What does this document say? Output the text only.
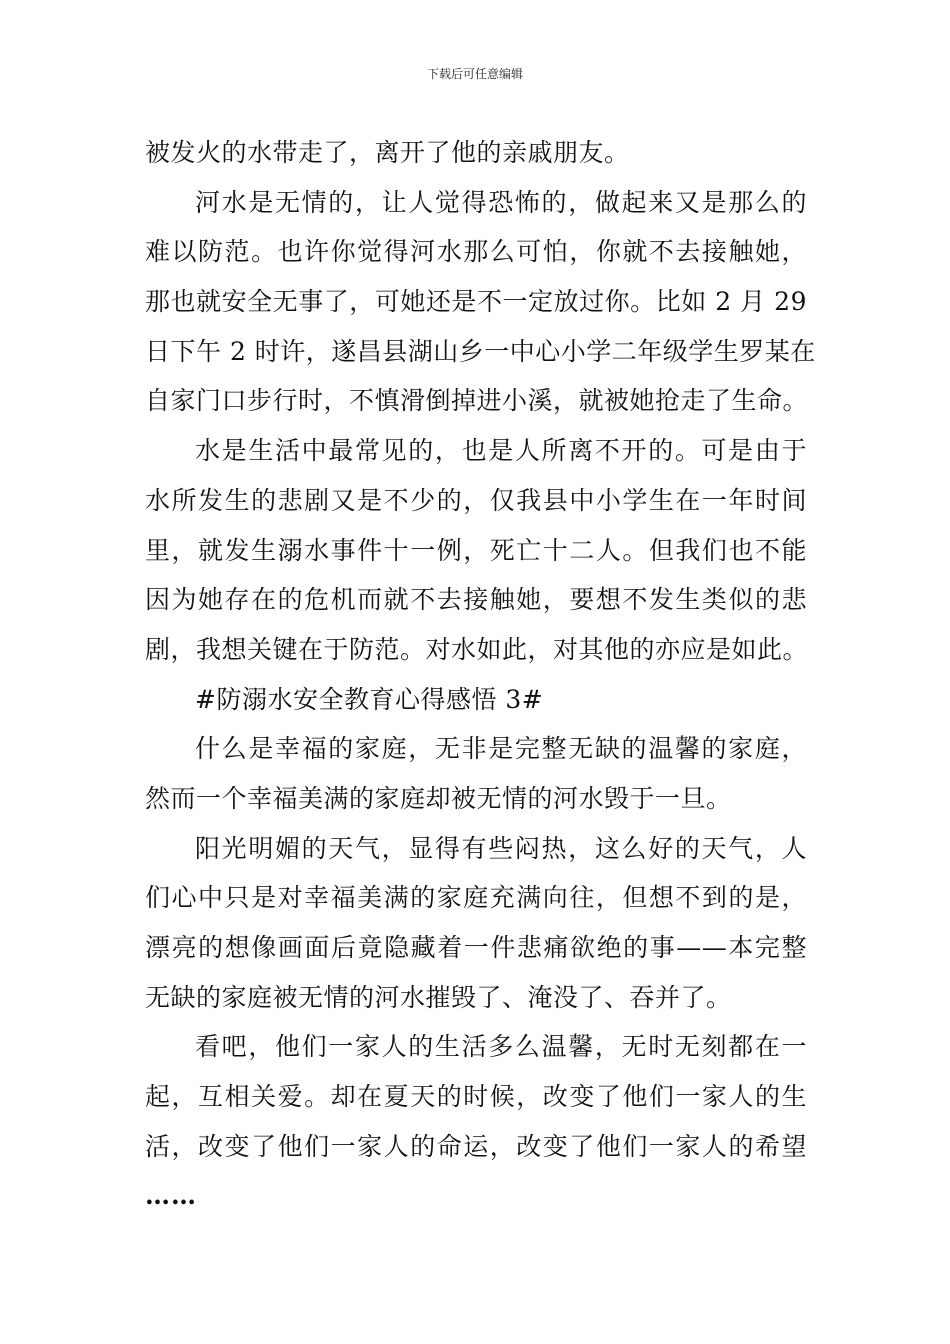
下载后可任意编辑
被发火的水带走了，离开了他的亲戚朋友。
河水是无情的，让人觉得恐怖的，做起来又是那么的
难以防范。也许你觉得河水那么可怕，你就不去接触她，
那也就安全无事了，可她还是不一定放过你。比如 2 月 29
日下午 2 时许，遂昌县湖山乡一中心小学二年级学生罗某在
自家门口步行时，不慎滑倒掉进小溪，就被她抢走了生命。
水是生活中最常见的，也是人所离不开的。可是由于
水所发生的悲剧又是不少的，仅我县中小学生在一年时间
里，就发生溺水事件十一例，死亡十二人。但我们也不能
因为她存在的危机而就不去接触她，要想不发生类似的悲
剧，我想关键在于防范。对水如此，对其他的亦应是如此。
#防溺水安全教育心得感悟 3#
什么是幸福的家庭，无非是完整无缺的温馨的家庭，
然而一个幸福美满的家庭却被无情的河水毁于一旦。
阳光明媚的天气，显得有些闷热，这么好的天气，人
们心中只是对幸福美满的家庭充满向往，但想不到的是，
漂亮的想像画面后竟隐藏着一件悲痛欲绝的事——本完整
无缺的家庭被无情的河水摧毁了、淹没了、吞并了。
看吧，他们一家人的生活多么温馨，无时无刻都在一
起，互相关爱。却在夏天的时候，改变了他们一家人的生
活，改变了他们一家人的命运，改变了他们一家人的希望
……
